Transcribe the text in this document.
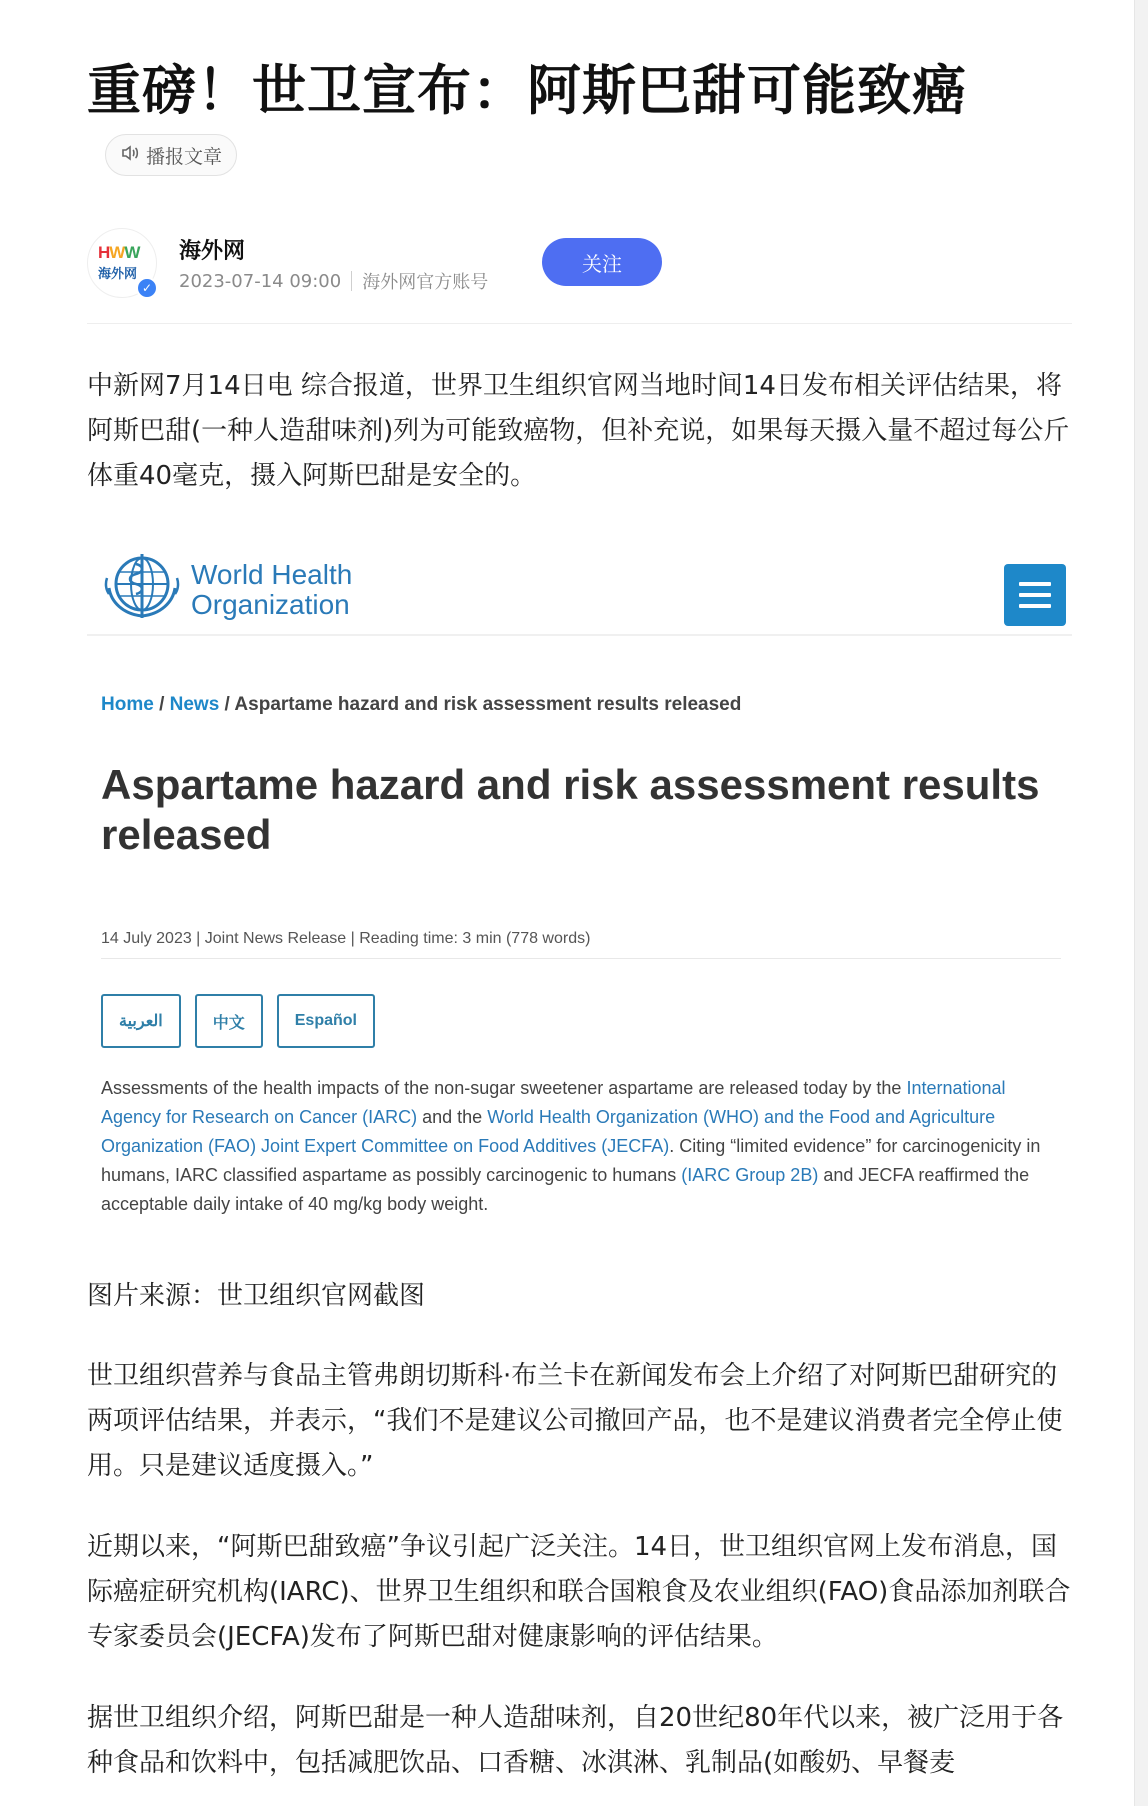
重磅！世卫宣布：阿斯巴甜可能致癌
播报文章
HWW
海外网
✓
海外网
2023-07-14 09:00 海外网官方账号
关注

中新网7月14日电 综合报道，世界卫生组织官网当地时间14日发布相关评估结果，将阿斯巴甜(一种人造甜味剂)列为可能致癌物，但补充说，如果每天摄入量不超过每公斤体重40毫克，摄入阿斯巴甜是安全的。

World Health
Organization
Home / News / Aspartame hazard and risk assessment results released
Aspartame hazard and risk assessment results released
14 July 2023 | Joint News Release | Reading time: 3 min (778 words)
العربية	中文	Español

Assessments of the health impacts of the non-sugar sweetener aspartame are released today by the International Agency for Research on Cancer (IARC) and the World Health Organization (WHO) and the Food and Agriculture Organization (FAO) Joint Expert Committee on Food Additives (JECFA). Citing “limited evidence” for carcinogenicity in humans, IARC classified aspartame as possibly carcinogenic to humans (IARC Group 2B) and JECFA reaffirmed the acceptable daily intake of 40 mg/kg body weight.

图片来源：世卫组织官网截图

世卫组织营养与食品主管弗朗切斯科·布兰卡在新闻发布会上介绍了对阿斯巴甜研究的两项评估结果，并表示，“我们不是建议公司撤回产品，也不是建议消费者完全停止使用。只是建议适度摄入。”

近期以来，“阿斯巴甜致癌”争议引起广泛关注。14日，世卫组织官网上发布消息，国际癌症研究机构(IARC)、世界卫生组织和联合国粮食及农业组织(FAO)食品添加剂联合专家委员会(JECFA)发布了阿斯巴甜对健康影响的评估结果。

据世卫组织介绍，阿斯巴甜是一种人造甜味剂，自20世纪80年代以来，被广泛用于各种食品和饮料中，包括减肥饮品、口香糖、冰淇淋、乳制品(如酸奶、早餐麦
